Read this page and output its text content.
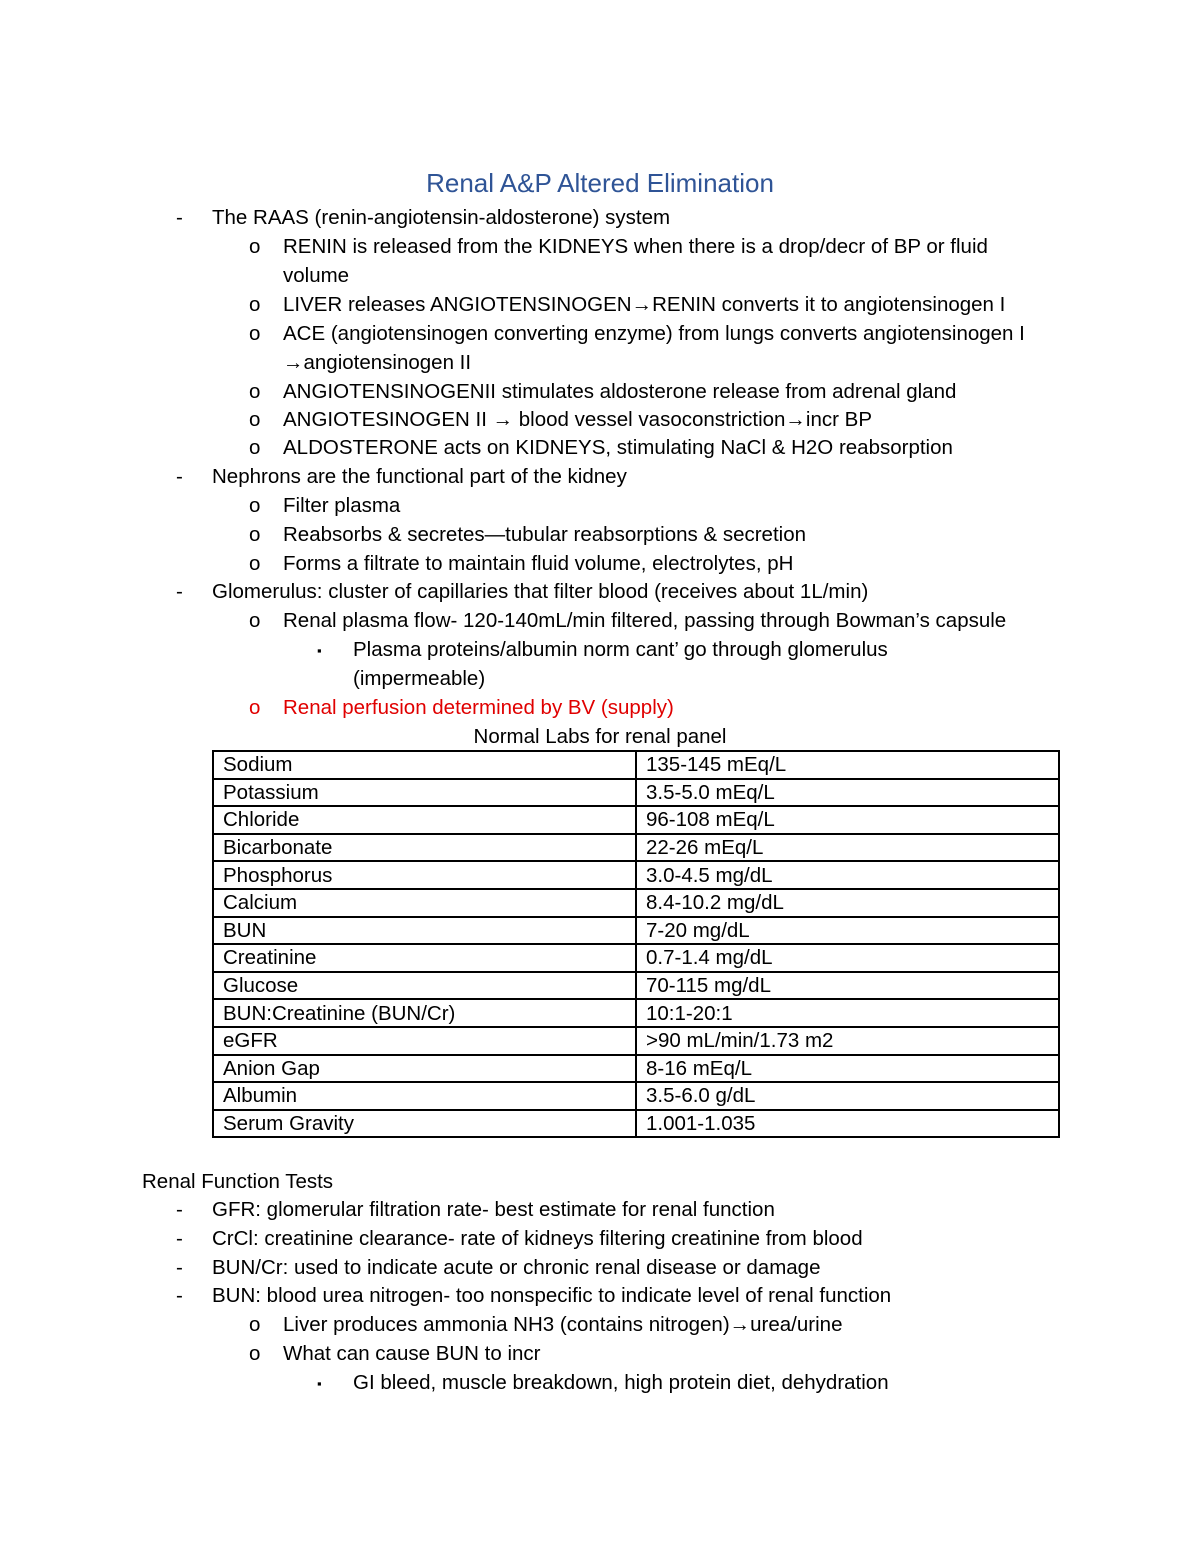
Renal A&P Altered Elimination
- The RAAS (renin-angiotensin-aldosterone) system
o RENIN is released from the KIDNEYS when there is a drop/decr of BP or fluid
volume
o LIVER releases ANGIOTENSINOGEN→RENIN converts it to angiotensinogen I
o ACE (angiotensinogen converting enzyme) from lungs converts angiotensinogen I
→angiotensinogen II
o ANGIOTENSINOGENII stimulates aldosterone release from adrenal gland
o ANGIOTESINOGEN II → blood vessel vasoconstriction→incr BP
o ALDOSTERONE acts on KIDNEYS, stimulating NaCl & H2O reabsorption
- Nephrons are the functional part of the kidney
o Filter plasma
o Reabsorbs & secretes—tubular reabsorptions & secretion
o Forms a filtrate to maintain fluid volume, electrolytes, pH
- Glomerulus: cluster of capillaries that filter blood (receives about 1L/min)
o Renal plasma flow- 120-140mL/min filtered, passing through Bowman’s capsule
▪ Plasma proteins/albumin norm cant’ go through glomerulus
(impermeable)
o Renal perfusion determined by BV (supply)
Normal Labs for renal panel
Sodium	135-145 mEq/L
Potassium	3.5-5.0 mEq/L
Chloride	96-108 mEq/L
Bicarbonate	22-26 mEq/L
Phosphorus	3.0-4.5 mg/dL
Calcium	8.4-10.2 mg/dL
BUN	7-20 mg/dL
Creatinine	0.7-1.4 mg/dL
Glucose	70-115 mg/dL
BUN:Creatinine (BUN/Cr)	10:1-20:1
eGFR	>90 mL/min/1.73 m2
Anion Gap	8-16 mEq/L
Albumin	3.5-6.0 g/dL
Serum Gravity	1.001-1.035
Renal Function Tests
- GFR: glomerular filtration rate- best estimate for renal function
- CrCl: creatinine clearance- rate of kidneys filtering creatinine from blood
- BUN/Cr: used to indicate acute or chronic renal disease or damage
- BUN: blood urea nitrogen- too nonspecific to indicate level of renal function
o Liver produces ammonia NH3 (contains nitrogen)→urea/urine
o What can cause BUN to incr
▪ GI bleed, muscle breakdown, high protein diet, dehydration
